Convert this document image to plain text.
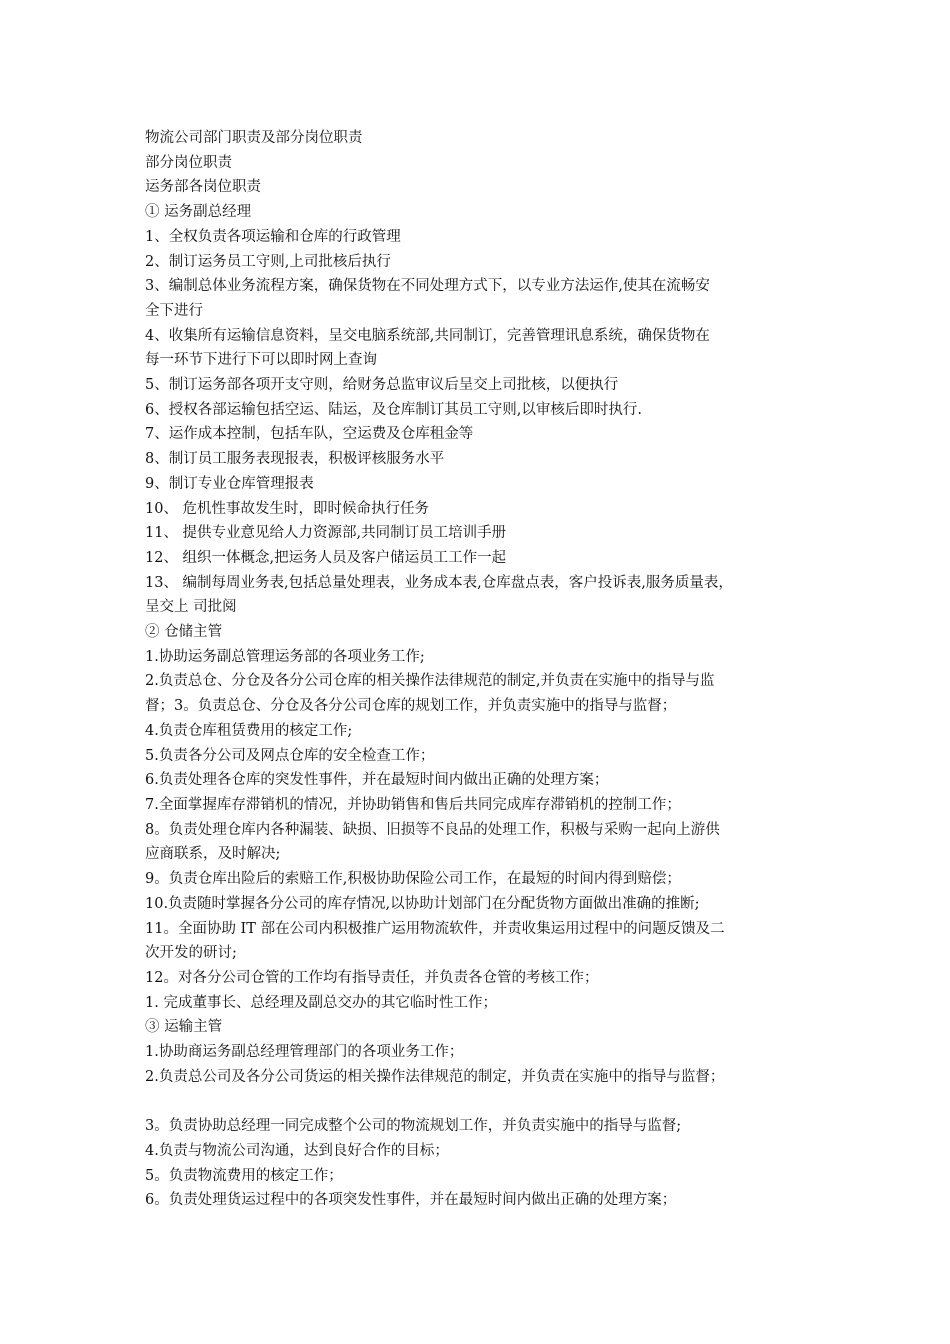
物流公司部门职责及部分岗位职责
部分岗位职责
运务部各岗位职责
① 运务副总经理
1、全权负责各项运输和仓库的行政管理
2、制订运务员工守则,上司批核后执行
3、编制总体业务流程方案，确保货物在不同处理方式下，以专业方法运作,使其在流畅安
全下进行
4、收集所有运输信息资料，呈交电脑系统部,共同制订，完善管理讯息系统，确保货物在
每一环节下进行下可以即时网上查询
5、制订运务部各项开支守则，给财务总监审议后呈交上司批核，以便执行
6、授权各部运输包括空运、陆运，及仓库制订其员工守则,以审核后即时执行.
7、运作成本控制，包括车队，空运费及仓库租金等
8、制订员工服务表现报表，积极评核服务水平
9、制订专业仓库管理报表
10、 危机性事故发生时，即时候命执行任务
11、 提供专业意见给人力资源部,共同制订员工培训手册
12、 组织一体概念,把运务人员及客户储运员工工作一起
13、 编制每周业务表,包括总量处理表，业务成本表,仓库盘点表，客户投诉表,服务质量表，
呈交上 司批阅
② 仓储主管
1.协助运务副总管理运务部的各项业务工作;
2.负责总仓、分仓及各分公司仓库的相关操作法律规范的制定,并负责在实施中的指导与监
督；3。负责总仓、分仓及各分公司仓库的规划工作，并负责实施中的指导与监督；
4.负责仓库租赁费用的核定工作;
5.负责各分公司及网点仓库的安全检查工作；
6.负责处理各仓库的突发性事件，并在最短时间内做出正确的处理方案；
7.全面掌握库存滞销机的情况，并协助销售和售后共同完成库存滞销机的控制工作；
8。负责处理仓库内各种漏装、缺损、旧损等不良品的处理工作，积极与采购一起向上游供
应商联系，及时解决;
9。负责仓库出险后的索赔工作,积极协助保险公司工作，在最短的时间内得到赔偿；
10.负责随时掌握各分公司的库存情况,以协助计划部门在分配货物方面做出准确的推断;
11。全面协助 IT 部在公司内积极推广运用物流软件，并责收集运用过程中的问题反馈及二
次开发的研讨;
12。对各分公司仓管的工作均有指导责任，并负责各仓管的考核工作；
1. 完成董事长、总经理及副总交办的其它临时性工作；
③ 运输主管
1.协助商运务副总经理管理部门的各项业务工作；
2.负责总公司及各分公司货运的相关操作法律规范的制定，并负责在实施中的指导与监督；
3。负责协助总经理一同完成整个公司的物流规划工作，并负责实施中的指导与监督;
4.负责与物流公司沟通，达到良好合作的目标；
5。负责物流费用的核定工作；
6。负责处理货运过程中的各项突发性事件，并在最短时间内做出正确的处理方案；
